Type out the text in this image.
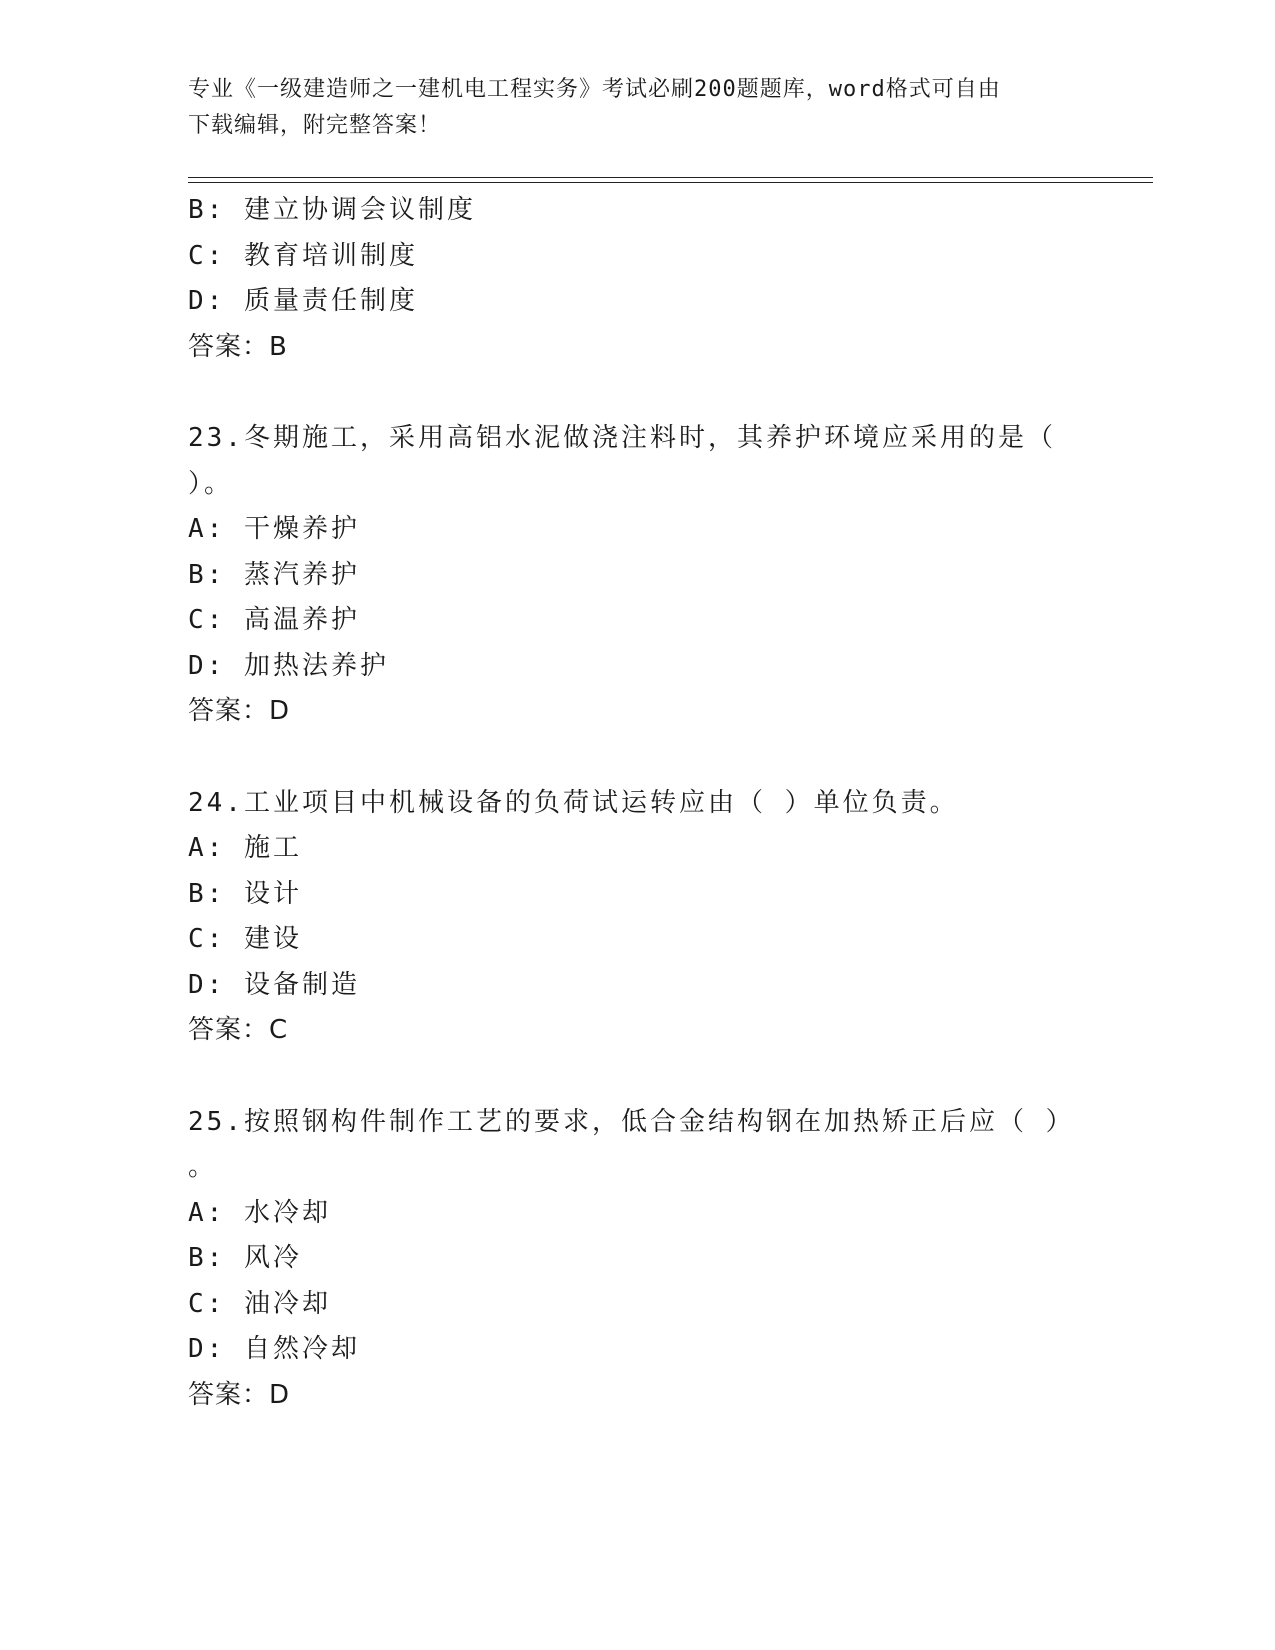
专业《一级建造师之一建机电工程实务》考试必刷200题题库，word格式可自由
下载编辑，附完整答案！
B: 建立协调会议制度
C: 教育培训制度
D: 质量责任制度
答案：B
23.冬期施工，采用高铝水泥做浇注料时，其养护环境应采用的是（
）。
A: 干燥养护
B: 蒸汽养护
C: 高温养护
D: 加热法养护
答案：D
24.工业项目中机械设备的负荷试运转应由（ ）单位负责。
A: 施工
B: 设计
C: 建设
D: 设备制造
答案：C
25.按照钢构件制作工艺的要求，低合金结构钢在加热矫正后应（ ）
。
A: 水冷却
B: 风冷
C: 油冷却
D: 自然冷却
答案：D
